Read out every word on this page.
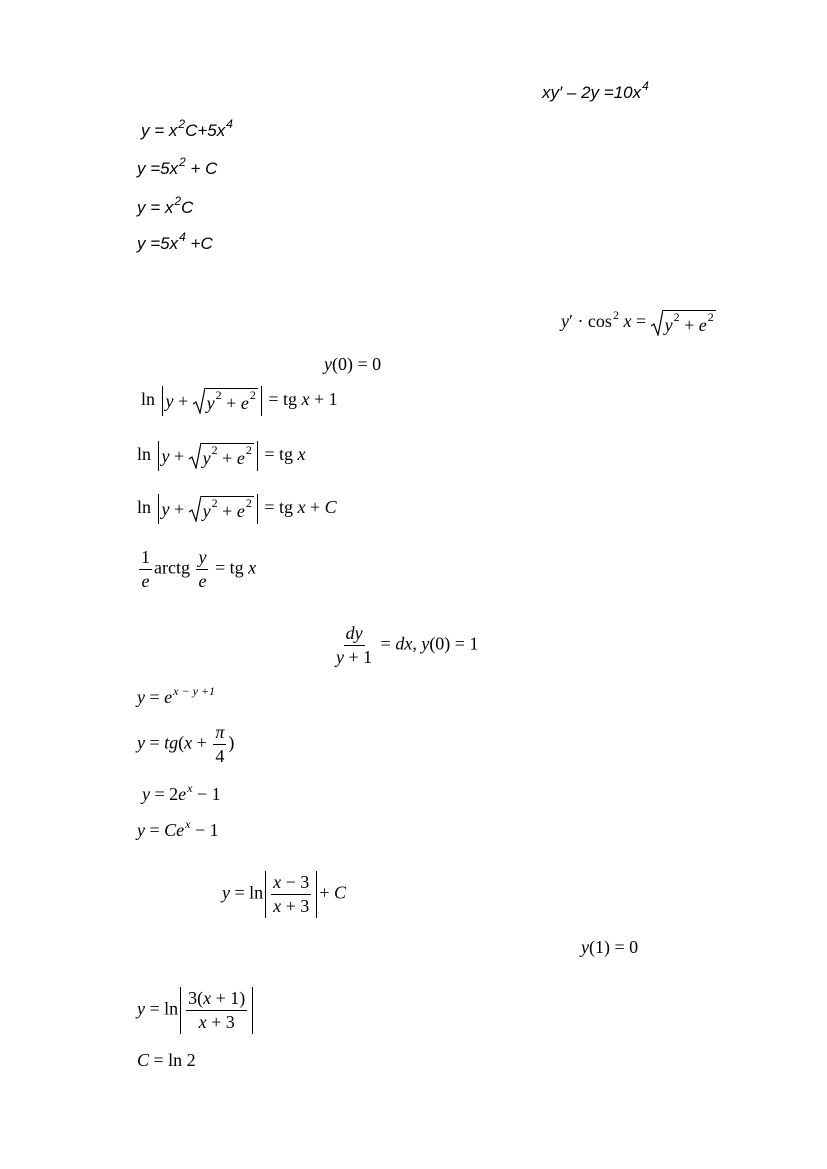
$xy' - 2y =10x^4$
$y = x^2C+5x^4$
$y =5x^2 + C$
$y = x^2C$
$y =5x^4 +C$
$y' \cdot \cos^2 x = y^2 + e^2$
y(0) = 0
$\ln y + y^2 + e^2$ = tg x + 1
$\ln y + y^2 + e^2$ = tg x
$\ln y + y^2 + e^2$ = tg x + C
$\frac{1}{e}$ arctg $\frac{y}{e}$ = tg x
$\frac{dy}{y + 1}$ = dx, y(0) = 1
$y = e^{x - y +1}$
$y = tg(x + \frac{\pi}{4}$ )
$y = 2e^x - 1$
$y = Ce^x - 1$
$y = \ln \frac{x - 3}{x + 3} + C$
y(1) = 0
$y = \ln \frac{3(x + 1)}{x + 3}$
C = ln 2
